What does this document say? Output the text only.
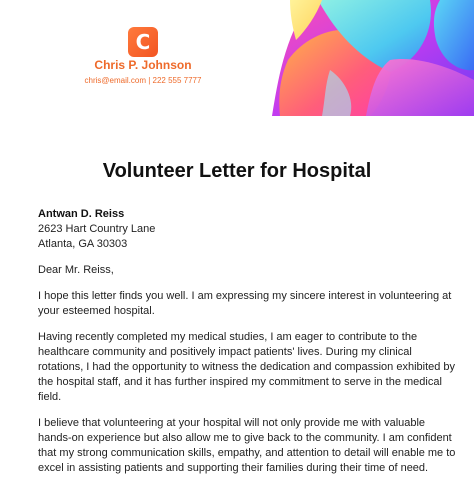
C
Chris P. Johnson
chris@email.com | 222 555 7777
Volunteer Letter for Hospital
Antwan D. Reiss
2623 Hart Country Lane
Atlanta, GA 30303

Dear Mr. Reiss,

I hope this letter finds you well. I am expressing my sincere interest in volunteering at your esteemed hospital.

Having recently completed my medical studies, I am eager to contribute to the healthcare community and positively impact patients' lives. During my clinical rotations, I had the opportunity to witness the dedication and compassion exhibited by the hospital staff, and it has further inspired my commitment to serve in the medical field.

I believe that volunteering at your hospital will not only provide me with valuable hands-on experience but also allow me to give back to the community. I am confident that my strong communication skills, empathy, and attention to detail will enable me to excel in assisting patients and supporting their families during their time of need.
